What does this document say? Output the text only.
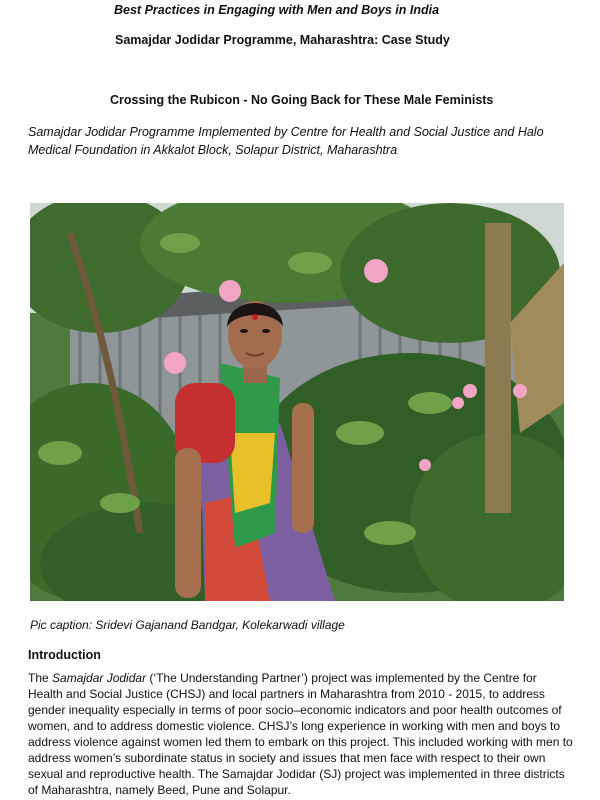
Best Practices in Engaging with Men and Boys in India

Samajdar Jodidar Programme, Maharashtra: Case Study

Crossing the Rubicon - No Going Back for These Male Feminists

Samajdar Jodidar Programme Implemented by Centre for Health and Social Justice and Halo Medical Foundation in Akkalot Block, Solapur District, Maharashtra

Pic caption: Sridevi Gajanand Bandgar, Kolekarwadi village

Introduction

The Samajdar Jodidar (‘The Understanding Partner’) project was implemented by the Centre for Health and Social Justice (CHSJ) and local partners in Maharashtra from 2010 - 2015, to address gender inequality especially in terms of poor socio–economic indicators and poor health outcomes of women, and to address domestic violence. CHSJ’s long experience in working with men and boys to address violence against women led them to embark on this project. This included working with men to address women’s subordinate status in society and issues that men face with respect to their own sexual and reproductive health. The Samajdar Jodidar (SJ) project was implemented in three districts of Maharashtra, namely Beed, Pune and Solapur.
